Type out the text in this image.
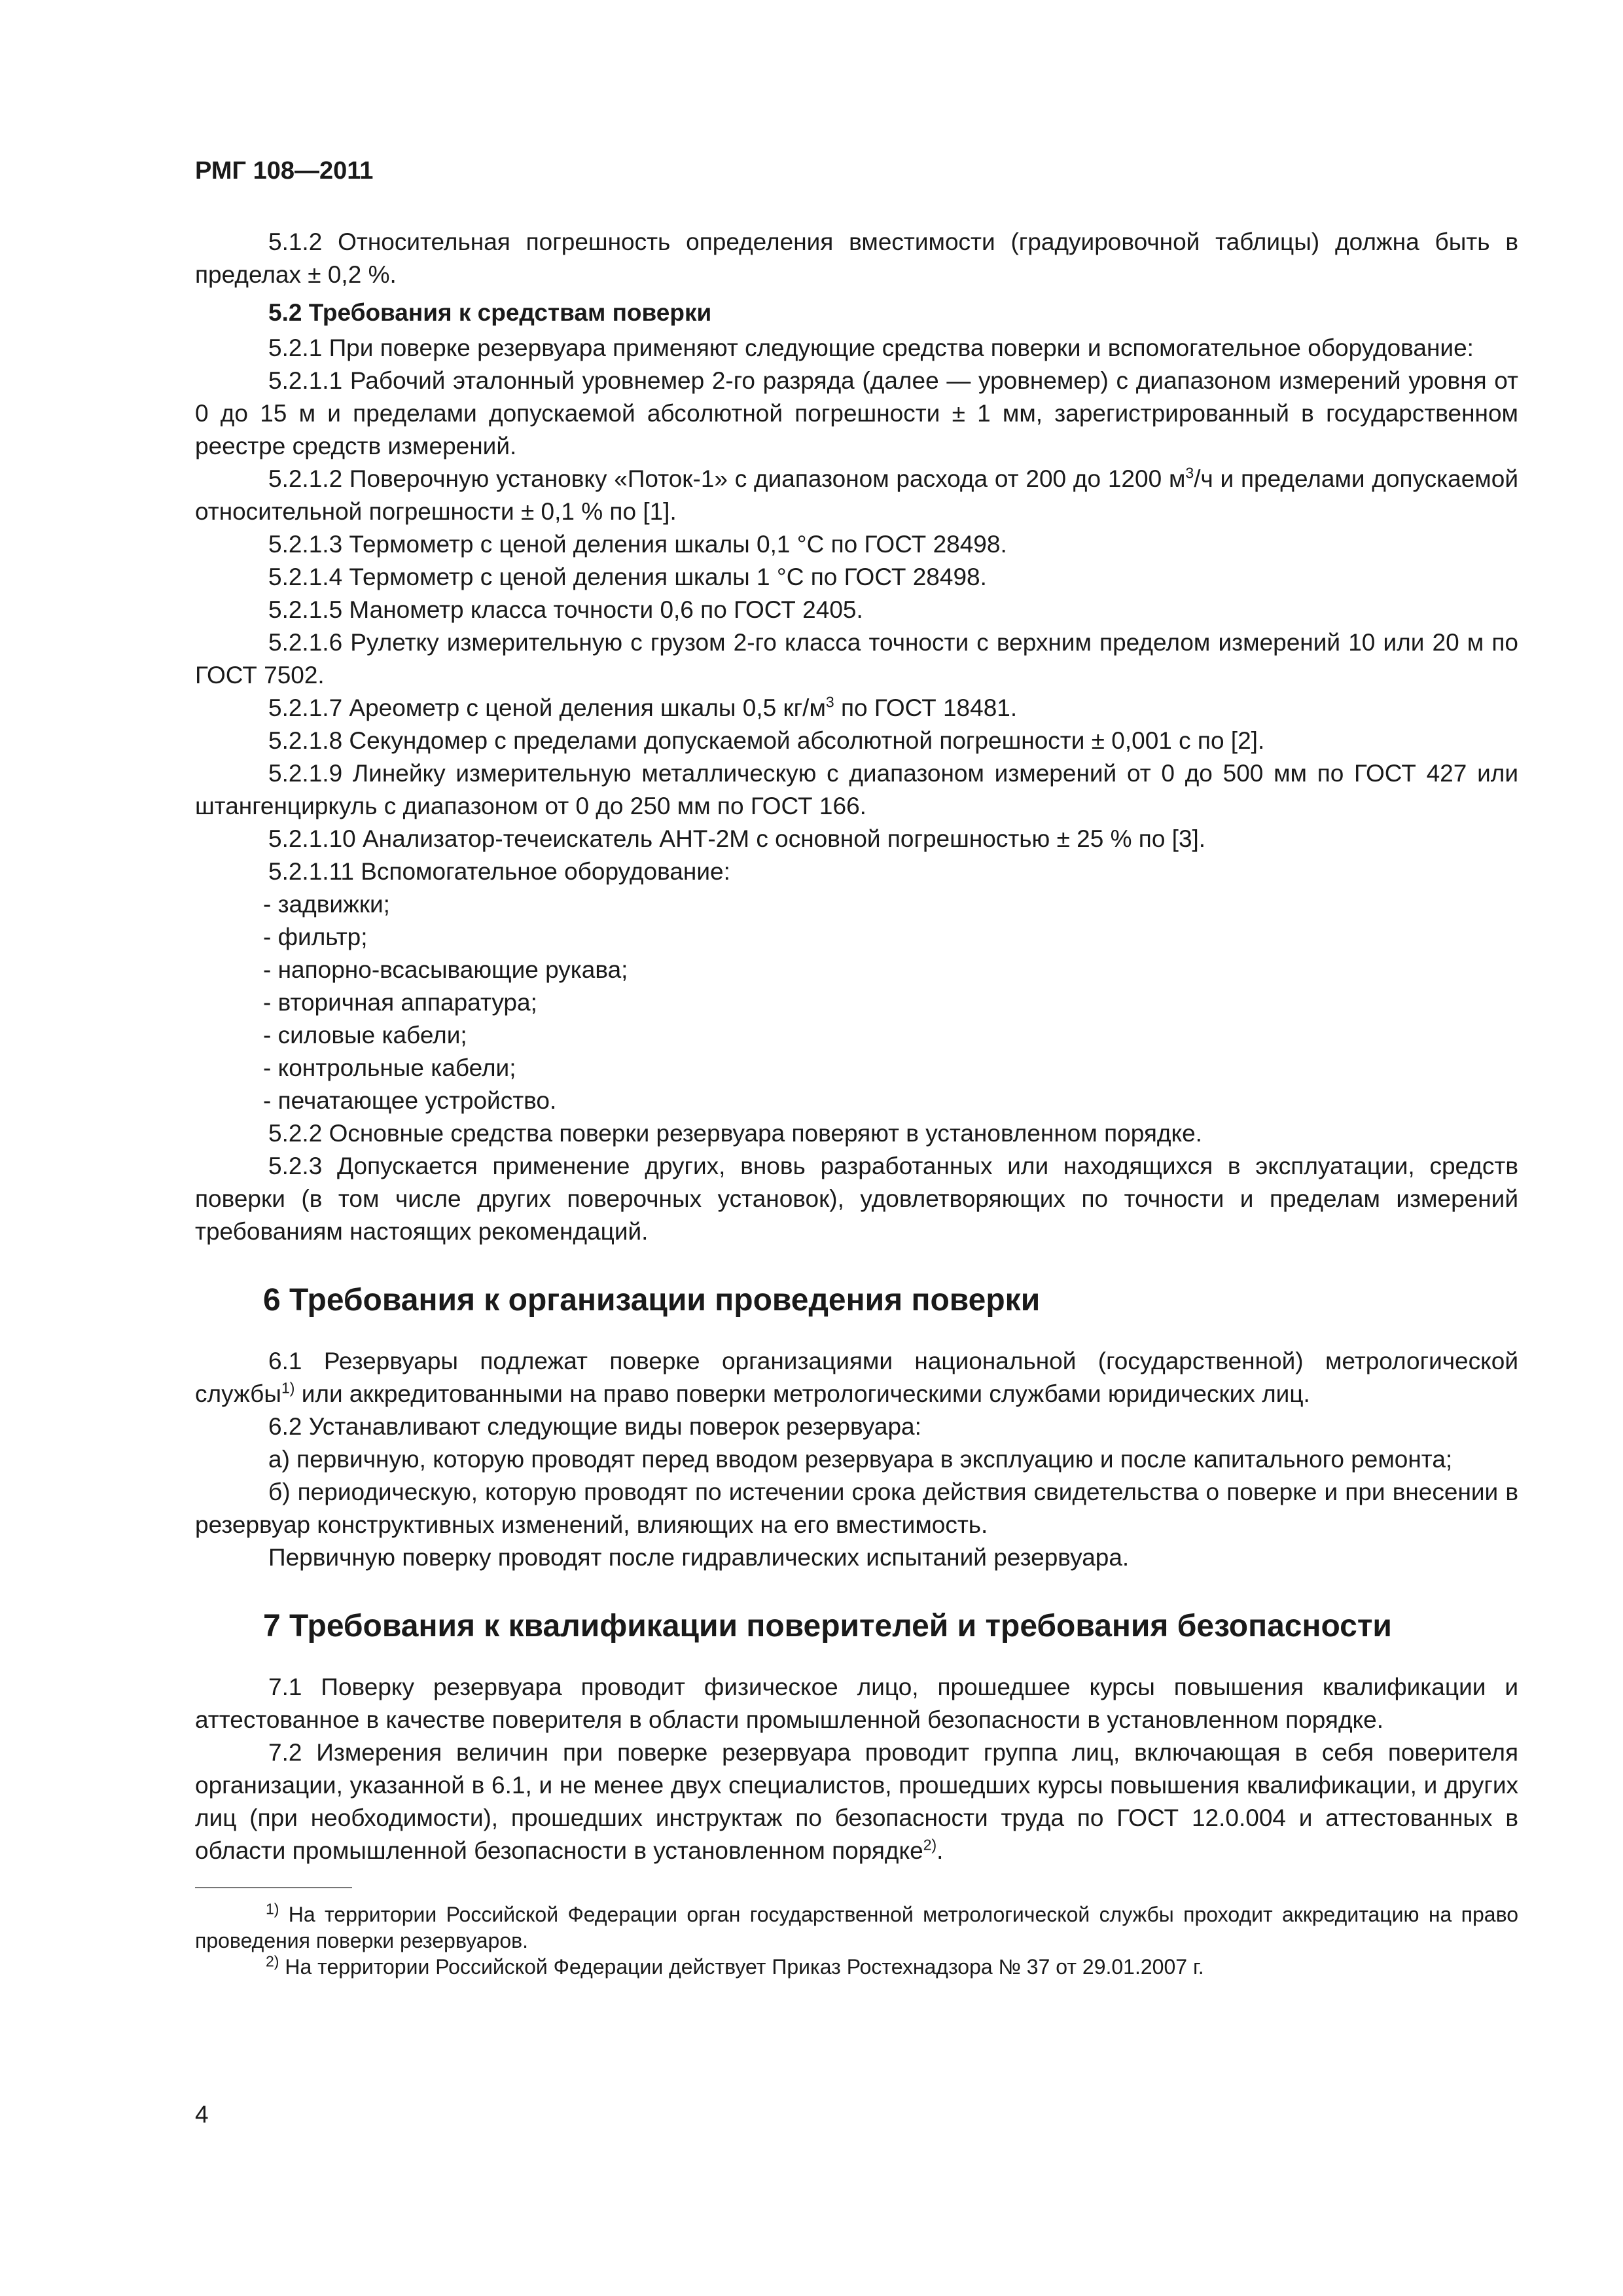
РМГ 108—2011

5.1.2 Относительная погрешность определения вместимости (градуировочной таблицы) должна быть в пределах ± 0,2 %.

5.2 Требования к средствам поверки

5.2.1 При поверке резервуара применяют следующие средства поверки и вспомогательное оборудование:

5.2.1.1 Рабочий эталонный уровнемер 2-го разряда (далее — уровнемер) с диапазоном измерений уровня от 0 до 15 м и пределами допускаемой абсолютной погрешности ± 1 мм, зарегистрированный в государственном реестре средств измерений.

5.2.1.2 Поверочную установку «Поток-1» с диапазоном расхода от 200 до 1200 $м^3/ч$ и пределами допускаемой относительной погрешности ± 0,1 % по [1].

5.2.1.3 Термометр с ценой деления шкалы 0,1 °С по ГОСТ 28498.

5.2.1.4 Термометр с ценой деления шкалы 1 °С по ГОСТ 28498.

5.2.1.5 Манометр класса точности 0,6 по ГОСТ 2405.

5.2.1.6 Рулетку измерительную с грузом 2-го класса точности с верхним пределом измерений 10 или 20 м по ГОСТ 7502.

5.2.1.7 Ареометр с ценой деления шкалы 0,5 $кг/м^3$ по ГОСТ 18481.

5.2.1.8 Секундомер с пределами допускаемой абсолютной погрешности ± 0,001 с по [2].

5.2.1.9 Линейку измерительную металлическую с диапазоном измерений от 0 до 500 мм по ГОСТ 427 или штангенциркуль с диапазоном от 0 до 250 мм по ГОСТ 166.

5.2.1.10 Анализатор-течеискатель АНТ-2М с основной погрешностью ± 25 % по [3].

5.2.1.11 Вспомогательное оборудование:

- задвижки;
- фильтр;
- напорно-всасывающие рукава;
- вторичная аппаратура;
- силовые кабели;
- контрольные кабели;
- печатающее устройство.

5.2.2 Основные средства поверки резервуара поверяют в установленном порядке.

5.2.3 Допускается применение других, вновь разработанных или находящихся в эксплуатации, средств поверки (в том числе других поверочных установок), удовлетворяющих по точности и пределам измерений требованиям настоящих рекомендаций.

6 Требования к организации проведения поверки

6.1 Резервуары подлежат поверке организациями национальной (государственной) метрологической службы$^{1)}$ или аккредитованными на право поверки метрологическими службами юридических лиц.

6.2 Устанавливают следующие виды поверок резервуара:

а) первичную, которую проводят перед вводом резервуара в эксплуацию и после капитального ремонта;

б) периодическую, которую проводят по истечении срока действия свидетельства о поверке и при внесении в резервуар конструктивных изменений, влияющих на его вместимость.

Первичную поверку проводят после гидравлических испытаний резервуара.

7 Требования к квалификации поверителей и требования безопасности

7.1 Поверку резервуара проводит физическое лицо, прошедшее курсы повышения квалификации и аттестованное в качестве поверителя в области промышленной безопасности в установленном порядке.

7.2 Измерения величин при поверке резервуара проводит группа лиц, включающая в себя поверителя организации, указанной в 6.1, и не менее двух специалистов, прошедших курсы повышения квалификации, и других лиц (при необходимости), прошедших инструктаж по безопасности труда по ГОСТ 12.0.004 и аттестованных в области промышленной безопасности в установленном порядке$^{2)}$.

$^{1)}$ На территории Российской Федерации орган государственной метрологической службы проходит аккредитацию на право проведения поверки резервуаров.

$^{2)}$ На территории Российской Федерации действует Приказ Ростехнадзора № 37 от 29.01.2007 г.

4
